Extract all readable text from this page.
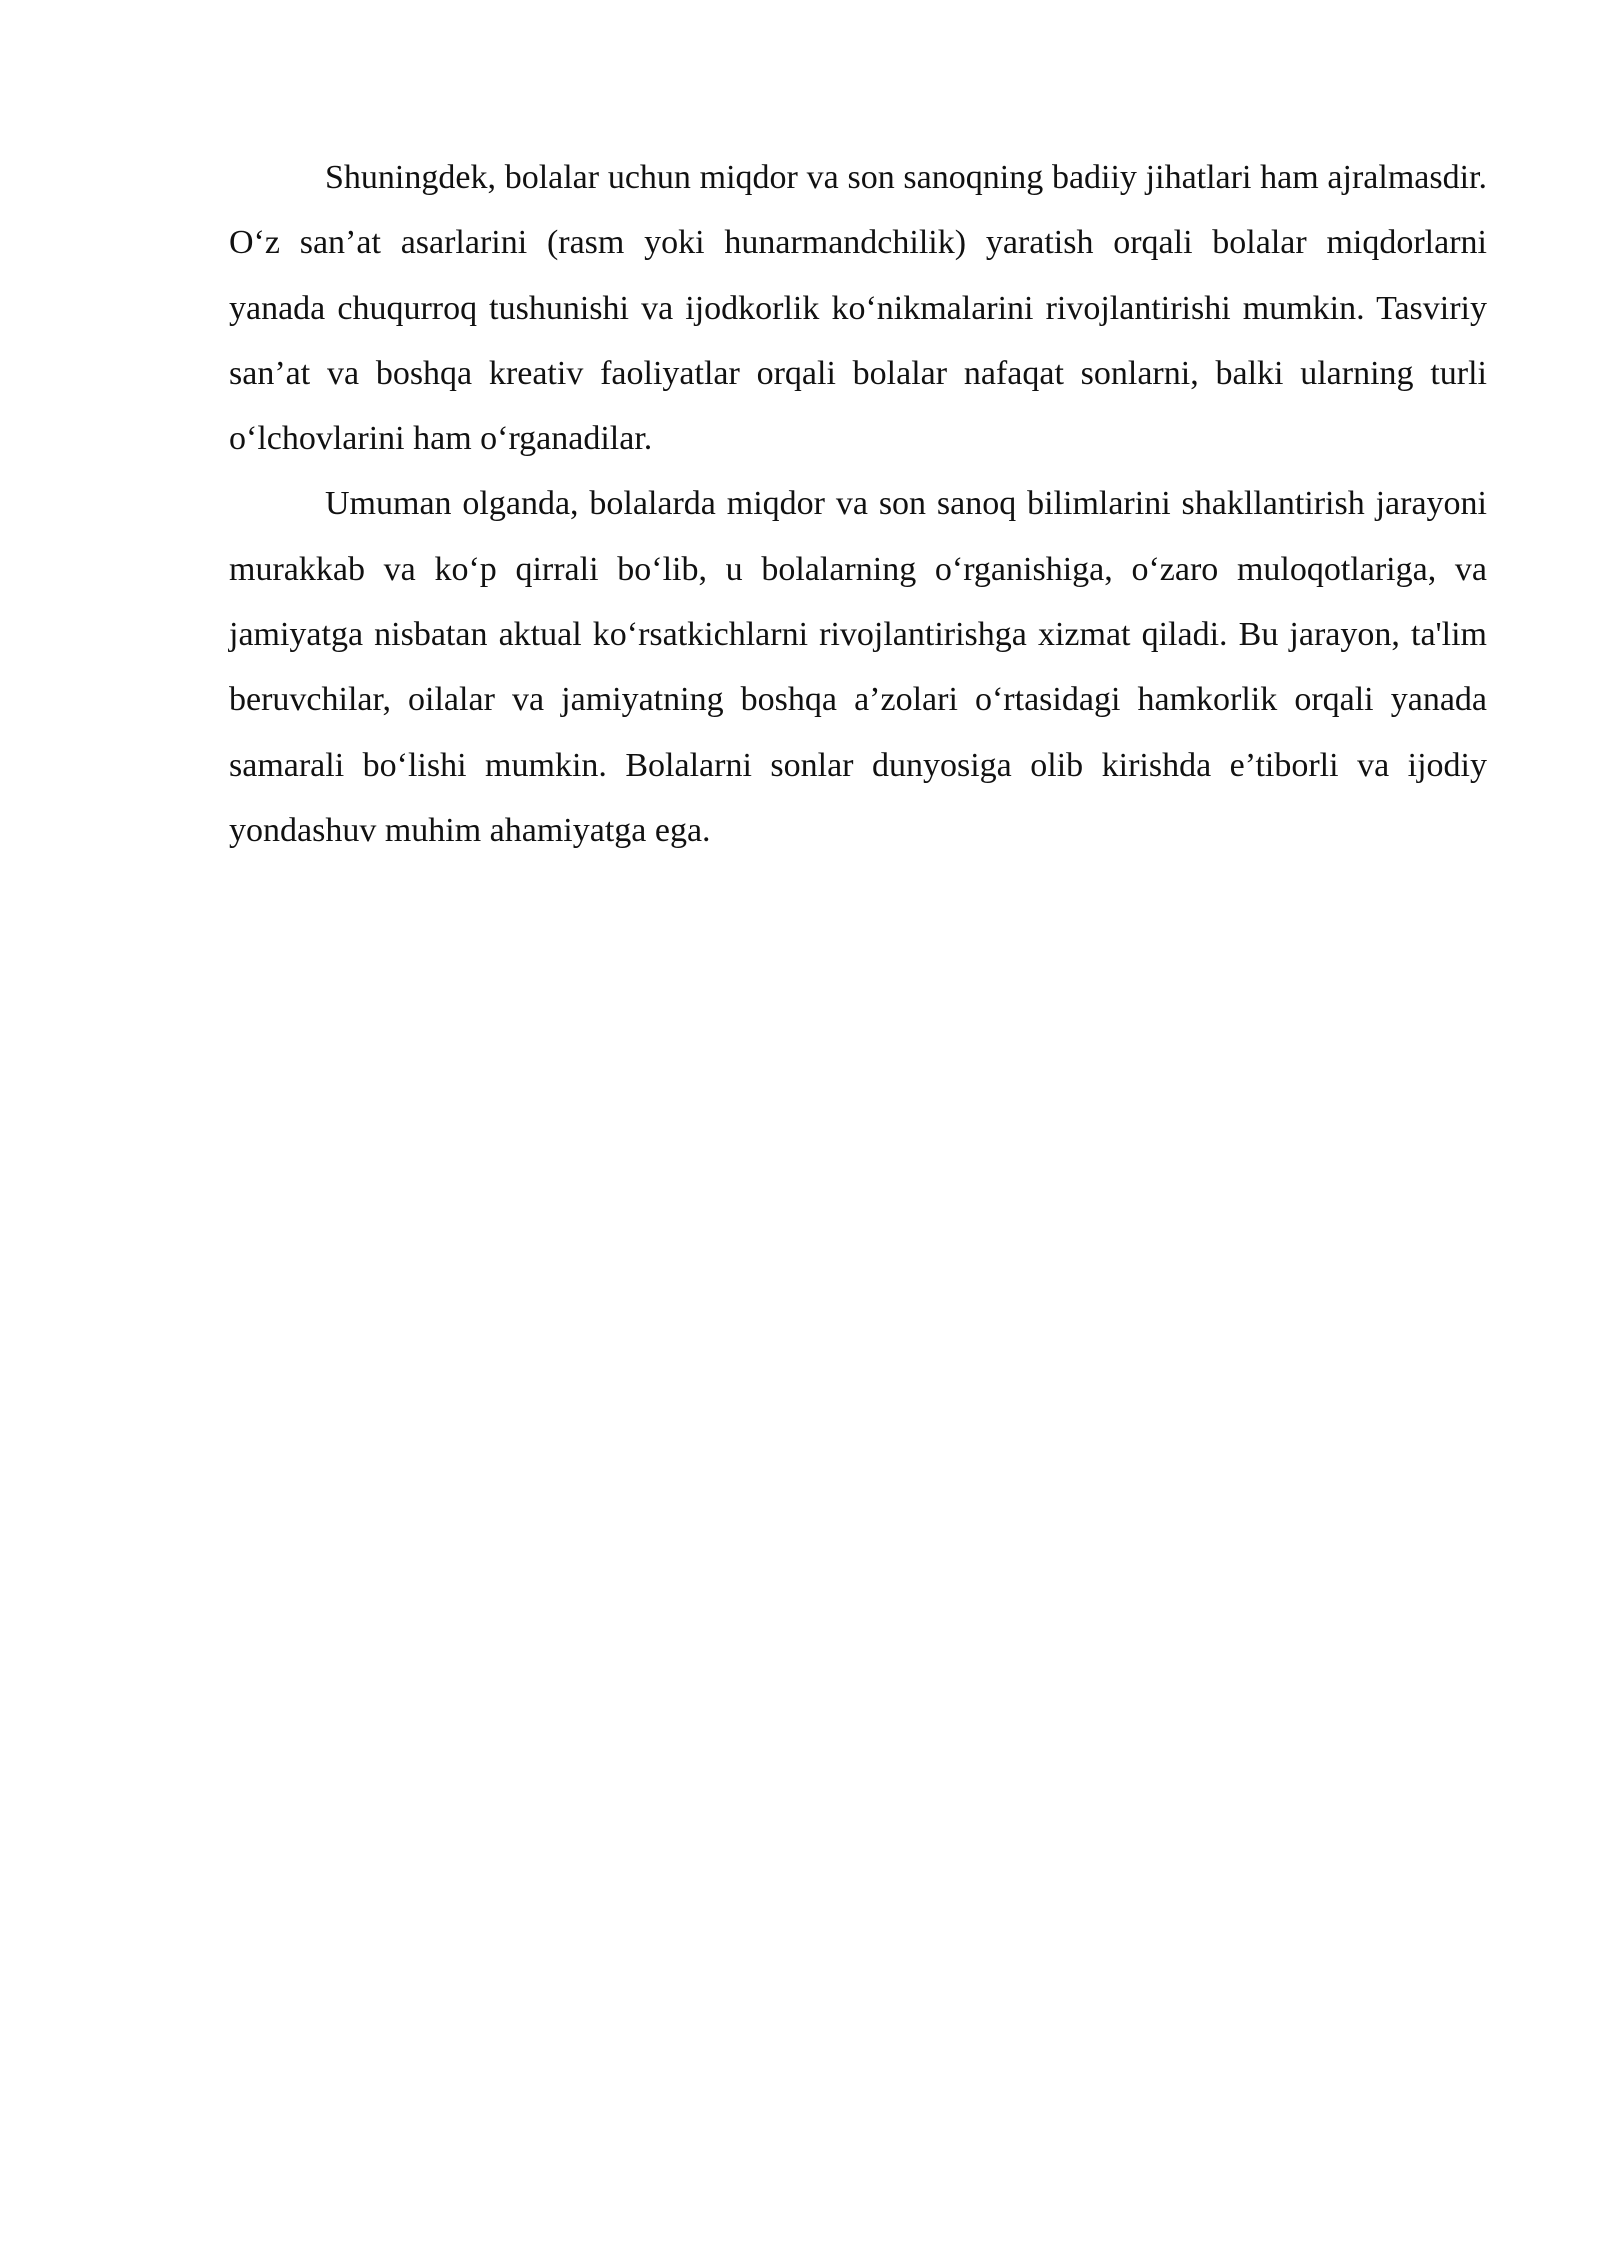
Shuningdek, bolalar uchun miqdor va son sanoqning badiiy jihatlari ham ajralmasdir. O‘z san’at asarlarini (rasm yoki hunarmandchilik) yaratish orqali bolalar miqdorlarni yanada chuqurroq tushunishi va ijodkorlik ko‘nikmalarini rivojlantirishi mumkin. Tasviriy san’at va boshqa kreativ faoliyatlar orqali bolalar nafaqat sonlarni, balki ularning turli o‘lchovlarini ham o‘rganadilar.

Umuman olganda, bolalarda miqdor va son sanoq bilimlarini shakllantirish jarayoni murakkab va ko‘p qirrali bo‘lib, u bolalarning o‘rganishiga, o‘zaro muloqotlariga, va jamiyatga nisbatan aktual ko‘rsatkichlarni rivojlantirishga xizmat qiladi. Bu jarayon, ta'lim beruvchilar, oilalar va jamiyatning boshqa a’zolari o‘rtasidagi hamkorlik orqali yanada samarali bo‘lishi mumkin. Bolalarni sonlar dunyosiga olib kirishda e’tiborli va ijodiy yondashuv muhim ahamiyatga ega.
